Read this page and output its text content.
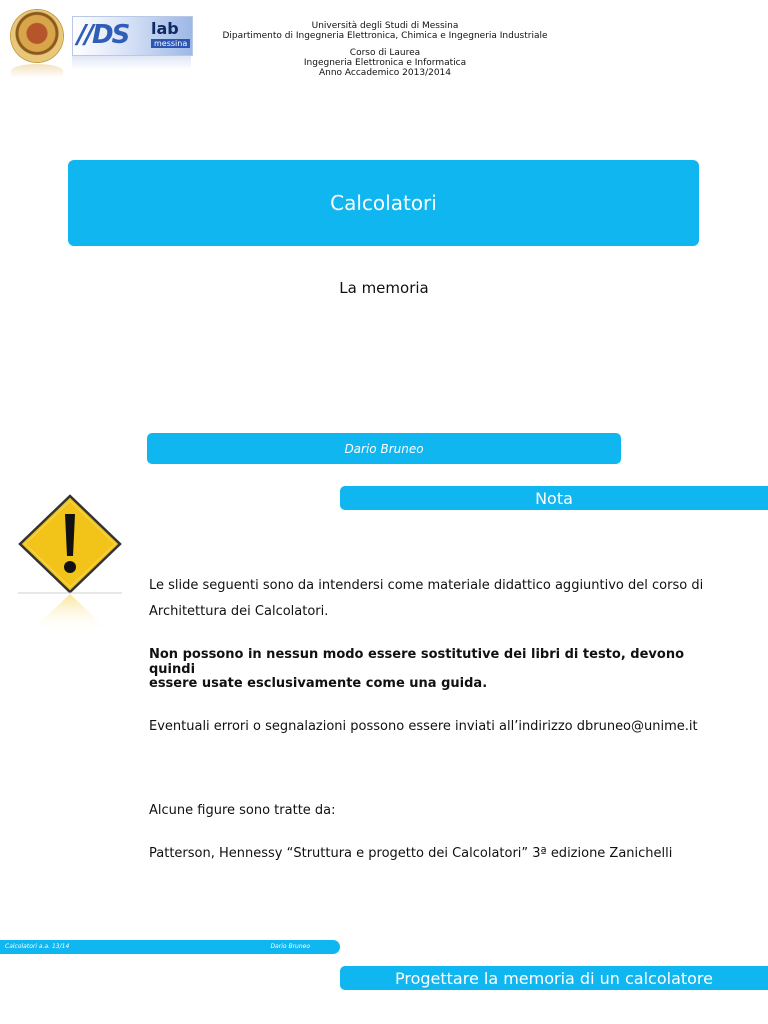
//DS lab
messina
Università degli Studi di Messina
Dipartimento di Ingegneria Elettronica, Chimica e Ingegneria Industriale
Corso di Laurea
Ingegneria Elettronica e Informatica
Anno Accademico 2013/2014
Calcolatori
La memoria
Dario Bruneo
Nota
Le slide seguenti sono da intendersi come materiale didattico aggiuntivo del corso di
Architettura dei Calcolatori.
Non possono in nessun modo essere sostitutive dei libri di testo, devono quindi
essere usate esclusivamente come una guida.
Eventuali errori o segnalazioni possono essere inviati all’indirizzo dbruneo@unime.it
Alcune figure sono tratte da:
Patterson, Hennessy “Struttura e progetto dei Calcolatori” 3ª edizione Zanichelli
Calcolatori a.a. 13/14	Dario Bruneo
Progettare la memoria di un calcolatore
